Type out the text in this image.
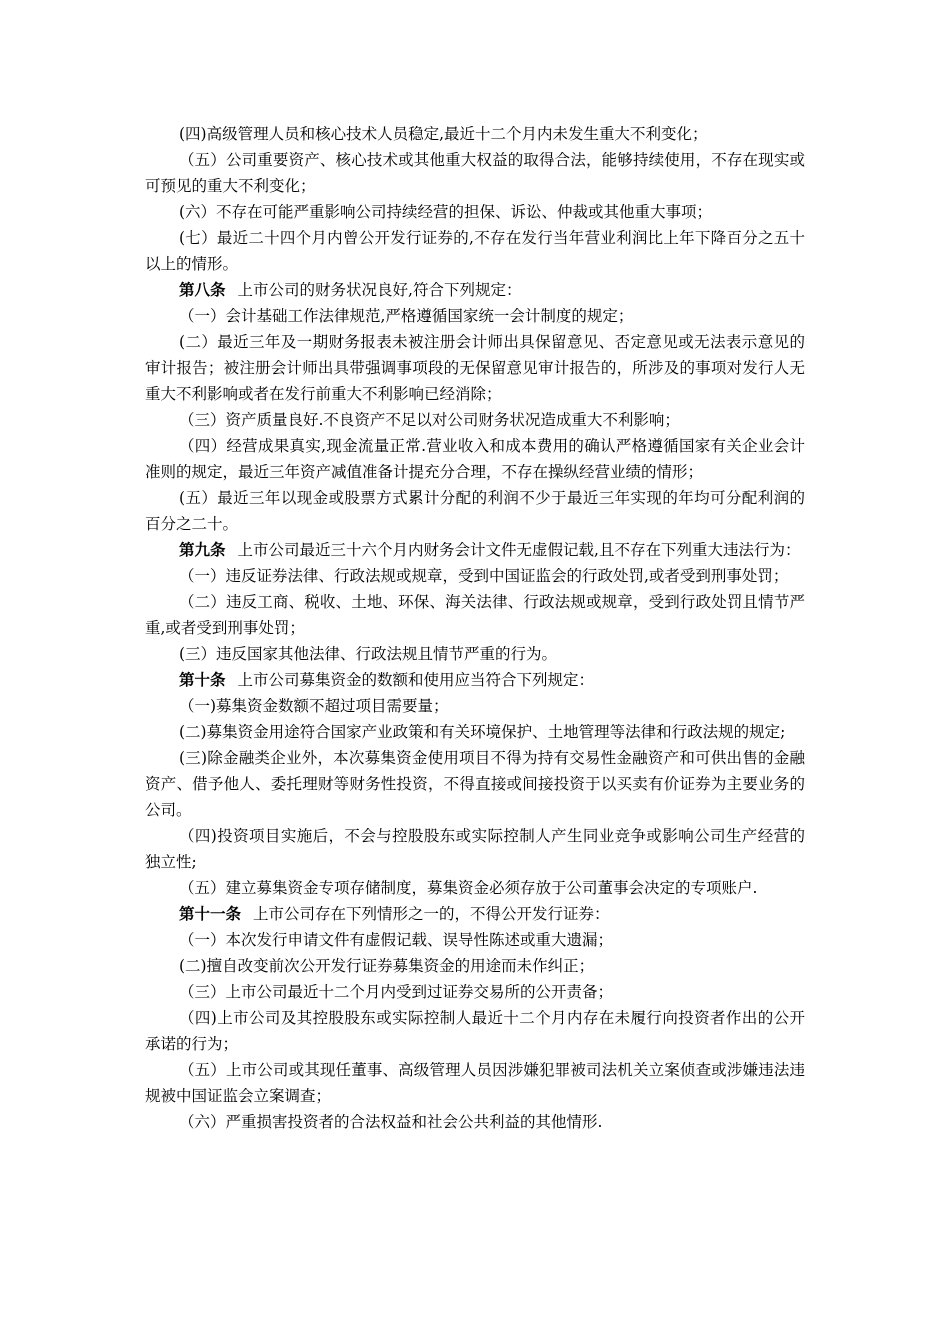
(四)高级管理人员和核心技术人员稳定,最近十二个月内未发生重大不利变化；

（五）公司重要资产、核心技术或其他重大权益的取得合法，能够持续使用，不存在现实或可预见的重大不利变化；

(六）不存在可能严重影响公司持续经营的担保、诉讼、仲裁或其他重大事项；

(七）最近二十四个月内曾公开发行证券的,不存在发行当年营业利润比上年下降百分之五十以上的情形。

第八条 上市公司的财务状况良好,符合下列规定：

（一）会计基础工作法律规范,严格遵循国家统一会计制度的规定；

(二）最近三年及一期财务报表未被注册会计师出具保留意见、否定意见或无法表示意见的审计报告；被注册会计师出具带强调事项段的无保留意见审计报告的，所涉及的事项对发行人无重大不利影响或者在发行前重大不利影响已经消除；

（三）资产质量良好.不良资产不足以对公司财务状况造成重大不利影响；

（四）经营成果真实,现金流量正常.营业收入和成本费用的确认严格遵循国家有关企业会计准则的规定，最近三年资产减值准备计提充分合理，不存在操纵经营业绩的情形；

(五）最近三年以现金或股票方式累计分配的利润不少于最近三年实现的年均可分配利润的百分之二十。

第九条 上市公司最近三十六个月内财务会计文件无虚假记载,且不存在下列重大违法行为：

（一）违反证券法律、行政法规或规章，受到中国证监会的行政处罚,或者受到刑事处罚；

（二）违反工商、税收、土地、环保、海关法律、行政法规或规章，受到行政处罚且情节严重,或者受到刑事处罚；

(三）违反国家其他法律、行政法规且情节严重的行为。

第十条 上市公司募集资金的数额和使用应当符合下列规定：

（一)募集资金数额不超过项目需要量；

(二)募集资金用途符合国家产业政策和有关环境保护、土地管理等法律和行政法规的规定;

(三)除金融类企业外，本次募集资金使用项目不得为持有交易性金融资产和可供出售的金融资产、借予他人、委托理财等财务性投资，不得直接或间接投资于以买卖有价证券为主要业务的公司。

（四)投资项目实施后，不会与控股股东或实际控制人产生同业竞争或影响公司生产经营的独立性;

（五）建立募集资金专项存储制度，募集资金必须存放于公司董事会决定的专项账户.

第十一条 上市公司存在下列情形之一的，不得公开发行证券：

（一）本次发行申请文件有虚假记载、误导性陈述或重大遗漏；

(二)擅自改变前次公开发行证券募集资金的用途而未作纠正；

（三）上市公司最近十二个月内受到过证券交易所的公开责备；

（四)上市公司及其控股股东或实际控制人最近十二个月内存在未履行向投资者作出的公开承诺的行为；

（五）上市公司或其现任董事、高级管理人员因涉嫌犯罪被司法机关立案侦查或涉嫌违法违规被中国证监会立案调查；

（六）严重损害投资者的合法权益和社会公共利益的其他情形.
